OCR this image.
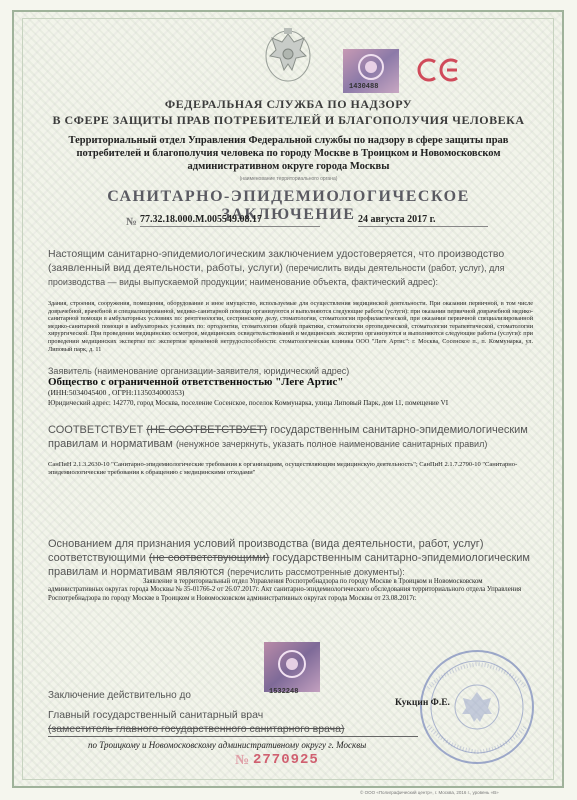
1430488
ФЕДЕРАЛЬНАЯ СЛУЖБА ПО НАДЗОРУ
В СФЕРЕ ЗАЩИТЫ ПРАВ ПОТРЕБИТЕЛЕЙ И БЛАГОПОЛУЧИЯ ЧЕЛОВЕКА
Территориальный отдел Управления Федеральной службы по надзору в сфере защиты прав потребителей и благополучия человека по городу Москве в Троицком и Новомосковском административном округе города Москвы
(наименование территориального органа)
САНИТАРНО-ЭПИДЕМИОЛОГИЧЕСКОЕ ЗАКЛЮЧЕНИЕ
№ 77.32.18.000.М.005549.08.17	24 августа 2017 г.
Настоящим санитарно-эпидемиологическим заключением удостоверяется, что производство (заявленный вид деятельности, работы, услуги) (перечислить виды деятельности (работ, услуг), для производства — виды выпускаемой продукции; наименование объекта, фактический адрес):
Здания, строения, сооружения, помещения, оборудование и иное имущество, используемые для осуществления медицинской деятельности. При оказании первичной, в том числе доврачебной, врачебной и специализированной, медико-санитарной помощи организуются и выполняются следующие работы (услуги): при оказании первичной доврачебной медико-санитарной помощи в амбулаторных условиях по: рентгенологии, сестринскому делу, стоматологии, стоматологии профилактической, при оказании первичной специализированной медико-санитарной помощи в амбулаторных условиях по: ортодонтии, стоматологии общей практики, стоматологии ортопедической, стоматологии терапевтической, стоматологии хирургической. При проведении медицинских осмотров, медицинских освидетельствований и медицинских экспертиз организуются и выполняются следующие работы (услуги): при проведении медицинских экспертиз по: экспертизе временной нетрудоспособности: стоматологическая клиника ООО "Леге Артис": г. Москва, Сосенское п., п. Коммунарка, ул. Липовый парк, д. 11
Заявитель (наименование организации-заявителя, юридический адрес)
Общество с ограниченной ответственностью "Леге Артис"
(ИНН:5034045400 , ОГРН:1135034000353)
Юридический адрес: 142770, город Москва, поселение Сосенское, поселок Коммунарка, улица Липовый Парк, дом 11, помещение VI
СООТВЕТСТВУЕТ (НЕ СООТВЕТСТВУЕТ) государственным санитарно-эпидемиологическим правилам и нормативам (ненужное зачеркнуть, указать полное наименование санитарных правил)
СанПиН 2.1.3.2630-10 "Санитарно-эпидемиологические требования к организациям, осуществляющим медицинскую деятельность"; СанПиН 2.1.7.2790-10 "Санитарно-эпидемиологические требования к обращению с медицинскими отходами"
Основанием для признания условий производства (вида деятельности, работ, услуг) соответствующими (не соответствующими) государственным санитарно-эпидемиологическим правилам и нормативам являются (перечислить рассмотренные документы):
Заявление в территориальный отдел Управления Роспотребнадзора по городу Москве в Троицком и Новомосковском административных округах города Москвы № 35-01766-2 от 26.07.2017г. Акт санитарно-эпидемиологического обследования территориального отдела Управления Роспотребнадзора по городу Москве в Троицком и Новомосковском административных округах города Москвы от 23.08.2017г.
1532248
Заключение действительно до
Главный государственный санитарный врач
(заместитель главного государственного санитарного врача)
по Троицкому и Новомосковскому административному округу г. Москвы
Кукцин Ф.Е.
№ 2770925
© ООО «Полиграфический центр», г. Москва, 2016 г., уровень «В»
